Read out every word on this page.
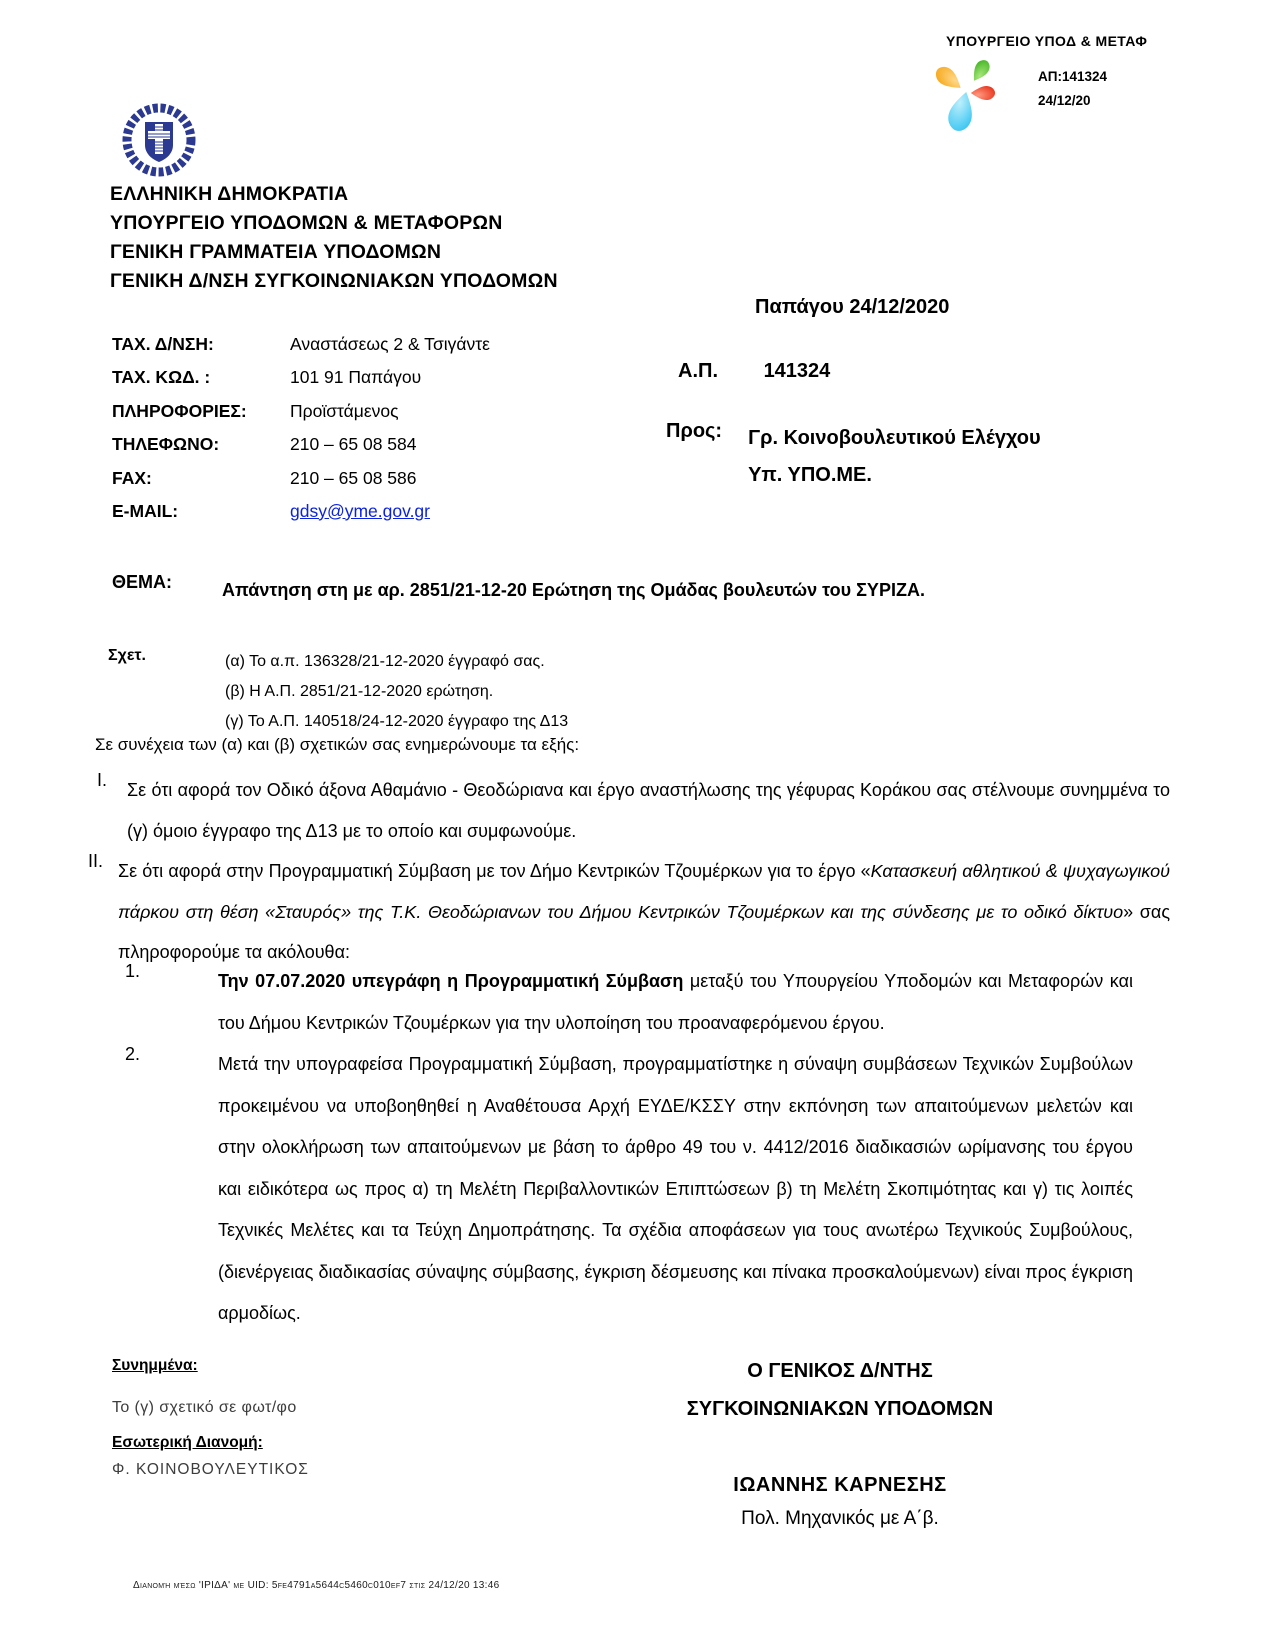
ΥΠΟΥΡΓΕΙΟ ΥΠΟΔ & ΜΕΤΑΦ
ΑΠ:141324
24/12/20
ΕΛΛΗΝΙΚΗ ΔΗΜΟΚΡΑΤΙΑ
ΥΠΟΥΡΓΕΙΟ ΥΠΟΔΟΜΩΝ & ΜΕΤΑΦΟΡΩΝ
ΓΕΝΙΚΗ ΓΡΑΜΜΑΤΕΙΑ ΥΠΟΔΟΜΩΝ
ΓΕΝΙΚΗ Δ/ΝΣΗ ΣΥΓΚΟΙΝΩΝΙΑΚΩΝ ΥΠΟΔΟΜΩΝ
ΤΑΧ. Δ/ΝΣΗ:	Αναστάσεως 2 & Τσιγάντε
ΤΑΧ. ΚΩΔ. :	101 91 Παπάγου
ΠΛΗΡΟΦΟΡΙΕΣ:	Προϊστάμενος
ΤΗΛΕΦΩΝΟ:	210 – 65 08 584
FAX:	210 – 65 08 586
E-MAIL:	gdsy@yme.gov.gr
Παπάγου 24/12/2020
Α.Π. 141324
Προς: Γρ. Κοινοβουλευτικού Ελέγχου
Υπ. ΥΠΟ.ΜΕ.
ΘΕΜΑ:	Απάντηση στη με αρ. 2851/21-12-20 Ερώτηση της Ομάδας βουλευτών του ΣΥΡΙΖΑ.
Σχετ.	(α) Το α.π. 136328/21-12-2020 έγγραφό σας.
(β) Η Α.Π. 2851/21-12-2020 ερώτηση.
(γ) Το Α.Π. 140518/24-12-2020 έγγραφο της Δ13
Σε συνέχεια των (α) και (β) σχετικών σας ενημερώνουμε τα εξής:
Ι.	Σε ότι αφορά τον Οδικό άξονα Αθαμάνιο - Θεοδώριανα και έργο αναστήλωσης της γέφυρας Κοράκου σας στέλνουμε συνημμένα το (γ) όμοιο έγγραφο της Δ13 με το οποίο και συμφωνούμε.
ΙΙ. Σε ότι αφορά στην Προγραμματική Σύμβαση με τον Δήμο Κεντρικών Τζουμέρκων για το έργο «Κατασκευή αθλητικού & ψυχαγωγικού πάρκου στη θέση «Σταυρός» της Τ.Κ. Θεοδώριανων του Δήμου Κεντρικών Τζουμέρκων και της σύνδεσης με το οδικό δίκτυο» σας πληροφορούμε τα ακόλουθα:
1.	Την 07.07.2020 υπεγράφη η Προγραμματική Σύμβαση μεταξύ του Υπουργείου Υποδομών και Μεταφορών και του Δήμου Κεντρικών Τζουμέρκων για την υλοποίηση του προαναφερόμενου έργου.
2.	Μετά την υπογραφείσα Προγραμματική Σύμβαση, προγραμματίστηκε η σύναψη συμβάσεων Τεχνικών Συμβούλων προκειμένου να υποβοηθηθεί η Αναθέτουσα Αρχή ΕΥΔΕ/ΚΣΣΥ στην εκπόνηση των απαιτούμενων μελετών και στην ολοκλήρωση των απαιτούμενων με βάση το άρθρο 49 του ν. 4412/2016 διαδικασιών ωρίμανσης του έργου και ειδικότερα ως προς α) τη Μελέτη Περιβαλλοντικών Επιπτώσεων β) τη Μελέτη Σκοπιμότητας και γ) τις λοιπές Τεχνικές Μελέτες και τα Τεύχη Δημοπράτησης. Τα σχέδια αποφάσεων για τους ανωτέρω Τεχνικούς Συμβούλους, (διενέργειας διαδικασίας σύναψης σύμβασης, έγκριση δέσμευσης και πίνακα προσκαλούμενων) είναι προς έγκριση αρμοδίως.
Συνημμένα:
Το (γ) σχετικό σε φωτ/φο
Εσωτερική Διανομή:
Φ. ΚΟΙΝΟΒΟΥΛΕΥΤΙΚΟΣ
Ο ΓΕΝΙΚΟΣ Δ/ΝΤΗΣ
ΣΥΓΚΟΙΝΩΝΙΑΚΩΝ ΥΠΟΔΟΜΩΝ
ΙΩΑΝΝΗΣ ΚΑΡΝΕΣΗΣ
Πολ. Μηχανικός με Α΄β.
Διανομή μέσω 'ΙΡΙΔΑ' με UID: 5fe4791a5644c5460c010ef7 στις 24/12/20 13:46
